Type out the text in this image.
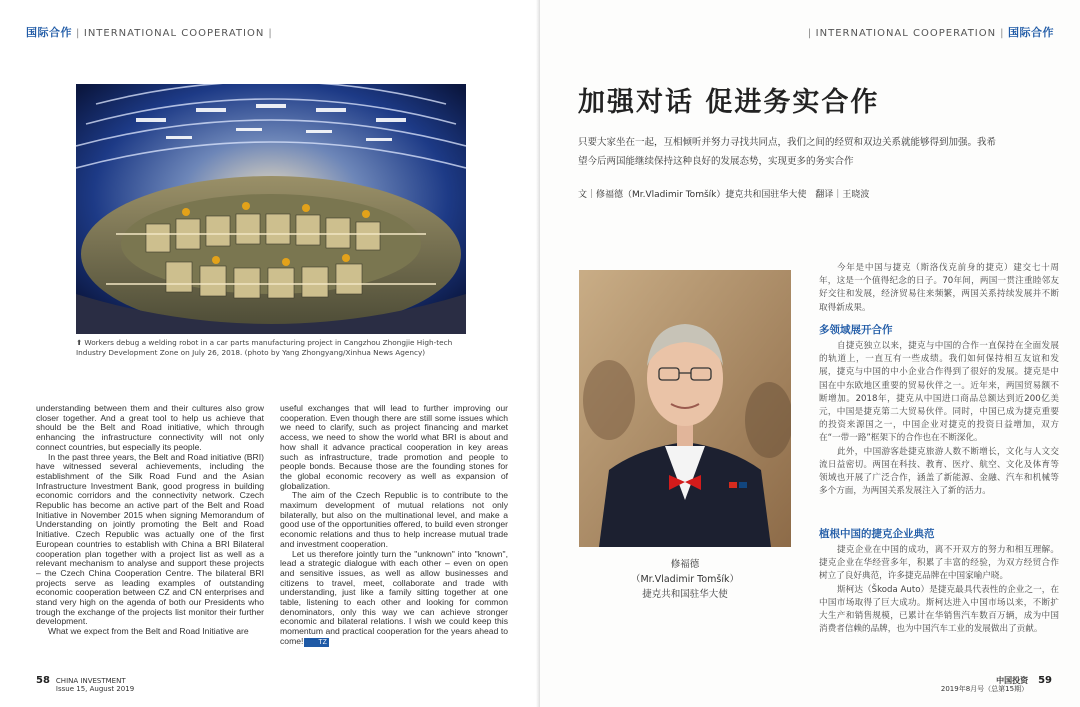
国际合作 | INTERNATIONAL COOPERATION |
⬆ Workers debug a welding robot in a car parts manufacturing project in Cangzhou Zhongjie High-tech Industry Development Zone on July 26, 2018. (photo by Yang Zhongyang/Xinhua News Agency)

understanding between them and their cultures also grow closer together. And a great tool to help us achieve that should be the Belt and Road initiative, which through enhancing the infrastructure connectivity will not only connect countries, but especially its people.

In the past three years, the Belt and Road initiative (BRI) have witnessed several achievements, including the establishment of the Silk Road Fund and the Asian Infrastructure Investment Bank, good progress in building economic corridors and the connectivity network. Czech Republic has become an active part of the Belt and Road Initiative in November 2015 when signing Memorandum of Understanding on jointly promoting the Belt and Road Initiative. Czech Republic was actually one of the first European countries to establish with China a BRI Bilateral cooperation plan together with a project list as well as a relevant mechanism to analyse and support these projects – the Czech China Cooperation Centre. The bilateral BRI projects serve as leading examples of outstanding economic cooperation between CZ and CN enterprises and stand very high on the agenda of both our Presidents who trough the exchange of the projects list monitor their further development.

What we expect from the Belt and Road Initiative are

useful exchanges that will lead to further improving our cooperation. Even though there are still some issues which we need to clarify, such as project financing and market access, we need to show the world what BRI is about and how shall it advance practical cooperation in key areas such as infrastructure, trade promotion and people to people bonds. Because those are the founding stones for the global economic recovery as well as expansion of globalization.

The aim of the Czech Republic is to contribute to the maximum development of mutual relations not only bilaterally, but also on the multinational level, and make a good use of the opportunities offered, to build even stronger economic relations and thus to help increase mutual trade and investment cooperation.

Let us therefore jointly turn the "unknown" into "known", lead a strategic dialogue with each other – even on open and sensitive issues, as well as allow businesses and citizens to travel, meet, collaborate and trade with understanding, just like a family sitting together at one table, listening to each other and looking for common denominators, only this way we can achieve stronger economic and bilateral relations. I wish we could keep this momentum and practical cooperation for the years ahead to come! TZ

58 CHINA INVESTMENT
Issue 15, August 2019
| INTERNATIONAL COOPERATION | 国际合作
加强对话 促进务实合作
只要大家坐在一起，互相倾听并努力寻找共同点，我们之间的经贸和双边关系就能够得到加强。我希望今后两国能继续保持这种良好的发展态势，实现更多的务实合作
文｜修福德（Mr.Vladimir Tomšík）捷克共和国驻华大使　翻译｜王晓波
修福德
（Mr.Vladimir Tomšík）
捷克共和国驻华大使

今年是中国与捷克（斯洛伐克前身的捷克）建交七十周年，这是一个值得纪念的日子。70年间，两国一贯注重睦邻友好交往和发展，经济贸易往来频繁，两国关系持续发展并不断取得新成果。

多领域展开合作

自捷克独立以来，捷克与中国的合作一直保持在全面发展的轨道上，一直互有一些成绩。我们如何保持相互友谊和发展，捷克与中国的中小企业合作得到了很好的发展。捷克是中国在中东欧地区重要的贸易伙伴之一。近年来，两国贸易额不断增加。2018年，捷克从中国进口商品总额达到近200亿美元，中国是捷克第二大贸易伙伴。同时，中国已成为捷克重要的投资来源国之一，中国企业对捷克的投资日益增加，双方在“一带一路”框架下的合作也在不断深化。

此外，中国游客赴捷克旅游人数不断增长，文化与人文交流日益密切。两国在科技、教育、医疗、航空、文化及体育等领域也开展了广泛合作，涵盖了新能源、金融、汽车和机械等多个方面，为两国关系发展注入了新的活力。

植根中国的捷克企业典范

捷克企业在中国的成功，离不开双方的努力和相互理解。捷克企业在华经营多年，积累了丰富的经验，为双方经贸合作树立了良好典范，许多捷克品牌在中国家喻户晓。

斯柯达（Škoda Auto）是捷克最具代表性的企业之一，在中国市场取得了巨大成功。斯柯达进入中国市场以来，不断扩大生产和销售规模，已累计在华销售汽车数百万辆，成为中国消费者信赖的品牌，也为中国汽车工业的发展做出了贡献。

中国投资
2019年8月号（总第15期）
59
